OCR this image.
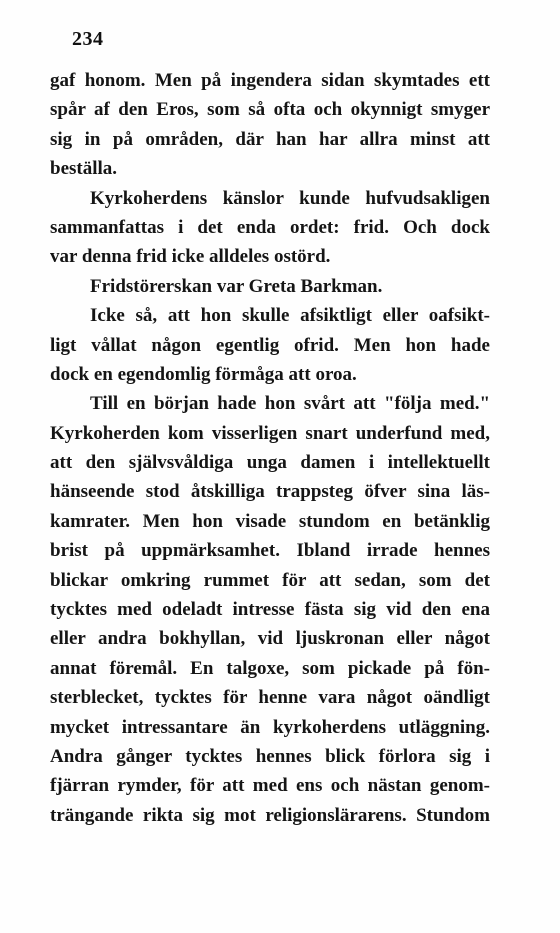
234
gaf honom. Men på ingendera sidan skymtades ett
spår af den Eros, som så ofta och okynnigt smyger
sig in på områden, där han har allra minst att
beställa.
Kyrkoherdens känslor kunde hufvudsakligen
sammanfattas i det enda ordet: frid. Och dock
var denna frid icke alldeles ostörd.
Fridstörerskan var Greta Barkman.
Icke så, att hon skulle afsiktligt eller oafsikt-
ligt vållat någon egentlig ofrid. Men hon hade
dock en egendomlig förmåga att oroa.
Till en början hade hon svårt att "följa med."
Kyrkoherden kom visserligen snart underfund med,
att den självsvåldiga unga damen i intellektuellt
hänseende stod åtskilliga trappsteg öfver sina läs-
kamrater. Men hon visade stundom en betänklig
brist på uppmärksamhet. Ibland irrade hennes
blickar omkring rummet för att sedan, som det
tycktes med odeladt intresse fästa sig vid den ena
eller andra bokhyllan, vid ljuskronan eller något
annat föremål. En talgoxe, som pickade på fön-
sterblecket, tycktes för henne vara något oändligt
mycket intressantare än kyrkoherdens utläggning.
Andra gånger tycktes hennes blick förlora sig i
fjärran rymder, för att med ens och nästan genom-
trängande rikta sig mot religionslärarens. Stundom
